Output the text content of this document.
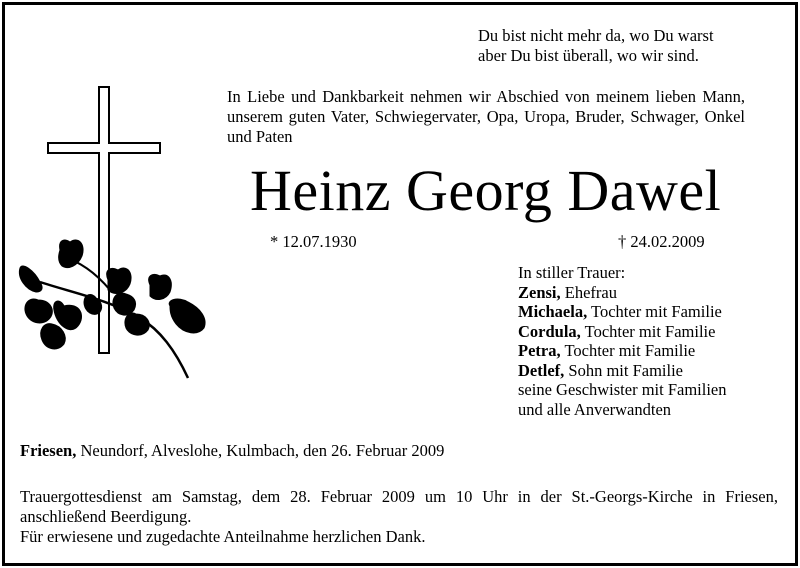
Du bist nicht mehr da, wo Du warst
aber Du bist überall, wo wir sind.
In Liebe und Dankbarkeit nehmen wir Abschied von meinem lieben Mann, unserem guten Vater, Schwiegervater, Opa, Uropa, Bruder, Schwager, Onkel und Paten
Heinz Georg Dawel
* 12.07.1930	† 24.02.2009
In stiller Trauer:
Zensi, Ehefrau
Michaela, Tochter mit Familie
Cordula, Tochter mit Familie
Petra, Tochter mit Familie
Detlef, Sohn mit Familie
seine Geschwister mit Familien
und alle Anverwandten
Friesen, Neundorf, Alveslohe, Kulmbach, den 26. Februar 2009
Trauergottesdienst am Samstag, dem 28. Februar 2009 um 10 Uhr in der St.-Georgs-Kirche in Friesen, anschließend Beerdigung.
Für erwiesene und zugedachte Anteilnahme herzlichen Dank.
